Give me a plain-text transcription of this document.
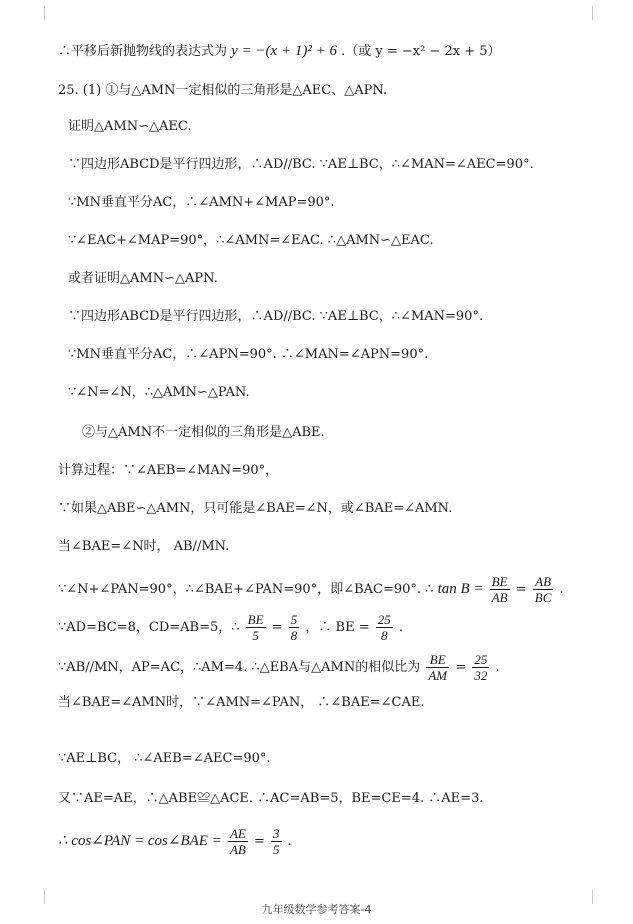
∴平移后新抛物线的表达式为 y = −(x + 1)² + 6 .（或 y = −x² − 2x + 5）
25. (1) ①与△AMN一定相似的三角形是△AEC、△APN.
证明△AMN∽△AEC.
∵四边形ABCD是平行四边形，∴AD//BC. ∵AE⊥BC，∴∠MAN=∠AEC=90°.
∵MN垂直平分AC，∴∠AMN+∠MAP=90°.
∵∠EAC+∠MAP=90°，∴∠AMN=∠EAC. ∴△AMN∽△EAC.
或者证明△AMN∽△APN.
∵四边形ABCD是平行四边形，∴AD//BC. ∵AE⊥BC，∴∠MAN=90°.
∵MN垂直平分AC，∴∠APN=90°. ∴∠MAN=∠APN=90°.
∵∠N=∠N，∴△AMN∽△PAN.
②与△AMN不一定相似的三角形是△ABE.
计算过程：∵∠AEB=∠MAN=90°，
∵如果△ABE∽△AMN，只可能是∠BAE=∠N，或∠BAE=∠AMN.
当∠BAE=∠N时， AB//MN.
∵∠N+∠PAN=90°，∴∠BAE+∠PAN=90°，即∠BAC=90°. ∴ $\tan B = \frac{BE}{AB} = \frac{AB}{BC}$ .
∵AD=BC=8，CD=AB=5，∴ $\frac{BE}{5} = \frac{5}{8}$ ，∴ BE = $\frac{25}{8}$ .
∵AB//MN，AP=AC，∴AM=4. ∴△EBA与△AMN的相似比为 $\frac{BE}{AM} = \frac{25}{32}$ .
当∠BAE=∠AMN时，∵∠AMN=∠PAN， ∴∠BAE=∠CAE.
∵AE⊥BC， ∴∠AEB=∠AEC=90°.
又∵AE=AE，∴△ABE≌△ACE. ∴AC=AB=5，BE=CE=4. ∴AE=3.
∴ cos∠PAN = cos∠BAE = $\frac{AE}{AB} = \frac{3}{5}$ .
九年级数学参考答案-4
